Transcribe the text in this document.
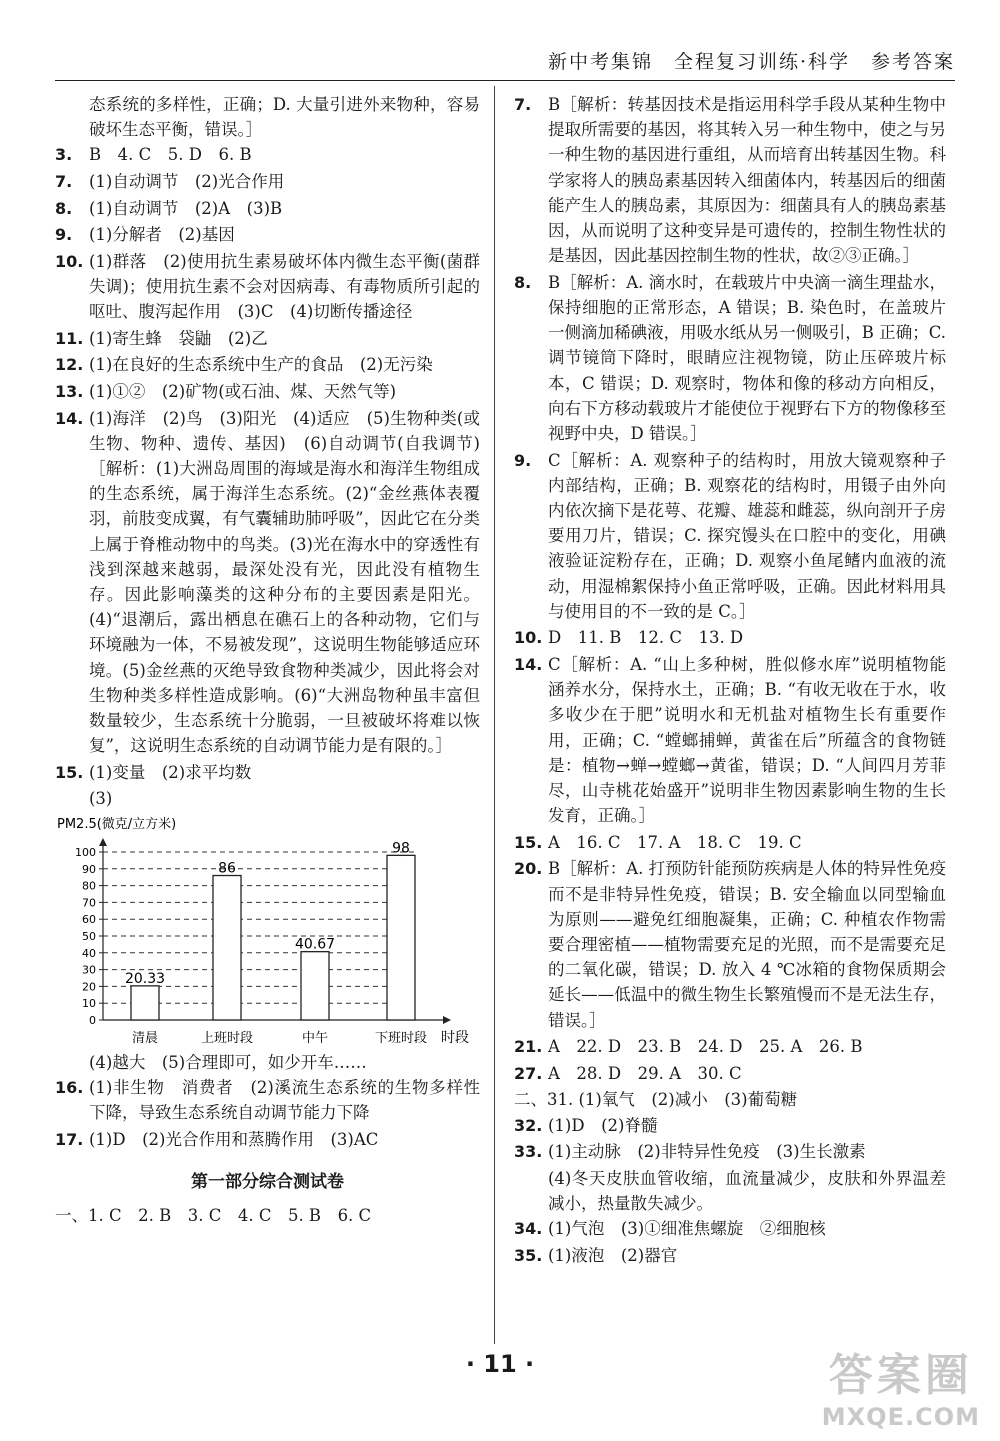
新中考集锦　全程复习训练·科学　参考答案
态系统的多样性，正确；D. 大量引进外来物种，容易破坏生态平衡，错误。］
3.	B　4. C　5. D　6. B
7.	(1)自动调节　(2)光合作用
8.	(1)自动调节　(2)A　(3)B
9.	(1)分解者　(2)基因
10. (1)群落　(2)使用抗生素易破坏体内微生态平衡(菌群失调)；使用抗生素不会对因病毒、有毒物质所引起的呕吐、腹泻起作用　(3)C　(4)切断传播途径
11. (1)寄生蜂　袋鼬　(2)乙
12. (1)在良好的生态系统中生产的食品　(2)无污染
13. (1)①②　(2)矿物(或石油、煤、天然气等)
14. (1)海洋　(2)鸟　(3)阳光　(4)适应　(5)生物种类(或生物、物种、遗传、基因)　(6)自动调节(自我调节)［解析：(1)大洲岛周围的海域是海水和海洋生物组成的生态系统，属于海洋生态系统。(2)“金丝燕体表覆羽，前肢变成翼，有气囊辅助肺呼吸”，因此它在分类上属于脊椎动物中的鸟类。(3)光在海水中的穿透性有浅到深越来越弱，最深处没有光，因此没有植物生存。因此影响藻类的这种分布的主要因素是阳光。(4)“退潮后，露出栖息在礁石上的各种动物，它们与环境融为一体，不易被发现”，这说明生物能够适应环境。(5)金丝燕的灭绝导致食物种类减少，因此将会对生物种类多样性造成影响。(6)“大洲岛物种虽丰富但数量较少，生态系统十分脆弱，一旦被破坏将难以恢复”，这说明生态系统的自动调节能力是有限的。］
15. (1)变量　(2)求平均数
(3)
PM2.5(微克/立方米)
0
10
20
30
40
50
60
70
80
90
100
时段
20.33
清晨
86
上班时段
40.67
中午
98
下班时段
(4)越大　(5)合理即可，如少开车……
16. (1)非生物　消费者　(2)溪流生态系统的生物多样性下降，导致生态系统自动调节能力下降
17. (1)D　(2)光合作用和蒸腾作用　(3)AC
第一部分综合测试卷
一、1. C　2. B　3. C　4. C　5. B　6. C
7.	B［解析：转基因技术是指运用科学手段从某种生物中提取所需要的基因，将其转入另一种生物中，使之与另一种生物的基因进行重组，从而培育出转基因生物。科学家将人的胰岛素基因转入细菌体内，转基因后的细菌能产生人的胰岛素，其原因为：细菌具有人的胰岛素基因，从而说明了这种变异是可遗传的，控制生物性状的是基因，因此基因控制生物的性状，故②③正确。］
8.	B［解析：A. 滴水时，在载玻片中央滴一滴生理盐水，保持细胞的正常形态，A 错误；B. 染色时，在盖玻片一侧滴加稀碘液，用吸水纸从另一侧吸引，B 正确；C. 调节镜筒下降时，眼睛应注视物镜，防止压碎玻片标本，C 错误；D. 观察时，物体和像的移动方向相反，向右下方移动载玻片才能使位于视野右下方的物像移至视野中央，D 错误。］
9.	C［解析：A. 观察种子的结构时，用放大镜观察种子内部结构，正确；B. 观察花的结构时，用镊子由外向内依次摘下是花萼、花瓣、雄蕊和雌蕊，纵向剖开子房要用刀片，错误；C. 探究馒头在口腔中的变化，用碘液验证淀粉存在，正确；D. 观察小鱼尾鳍内血液的流动，用湿棉絮保持小鱼正常呼吸，正确。因此材料用具与使用目的不一致的是 C。］
10. D　11. B　12. C　13. D
14. C［解析：A. “山上多种树，胜似修水库”说明植物能涵养水分，保持水土，正确；B. “有收无收在于水，收多收少在于肥”说明水和无机盐对植物生长有重要作用，正确；C. “螳螂捕蝉，黄雀在后”所蕴含的食物链是：植物→蝉→螳螂→黄雀，错误；D. “人间四月芳菲尽，山寺桃花始盛开”说明非生物因素影响生物的生长发育，正确。］
15. A　16. C　17. A　18. C　19. C
20. B［解析：A. 打预防针能预防疾病是人体的特异性免疫而不是非特异性免疫，错误；B. 安全输血以同型输血为原则——避免红细胞凝集，正确；C. 种植农作物需要合理密植——植物需要充足的光照，而不是需要充足的二氧化碳，错误；D. 放入 4 ℃冰箱的食物保质期会延长——低温中的微生物生长繁殖慢而不是无法生存，错误。］
21. A　22. D　23. B　24. D　25. A　26. B
27. A　28. D　29. A　30. C
二、31. (1)氧气　(2)减小　(3)葡萄糖
32. (1)D　(2)脊髓
33. (1)主动脉　(2)非特异性免疫　(3)生长激素
(4)冬天皮肤血管收缩，血流量减少，皮肤和外界温差减小，热量散失减少。
34. (1)气泡　(3)①细准焦螺旋　②细胞核
35. (1)液泡　(2)器官
· 11 ·	答案圈
MXQE.COM
